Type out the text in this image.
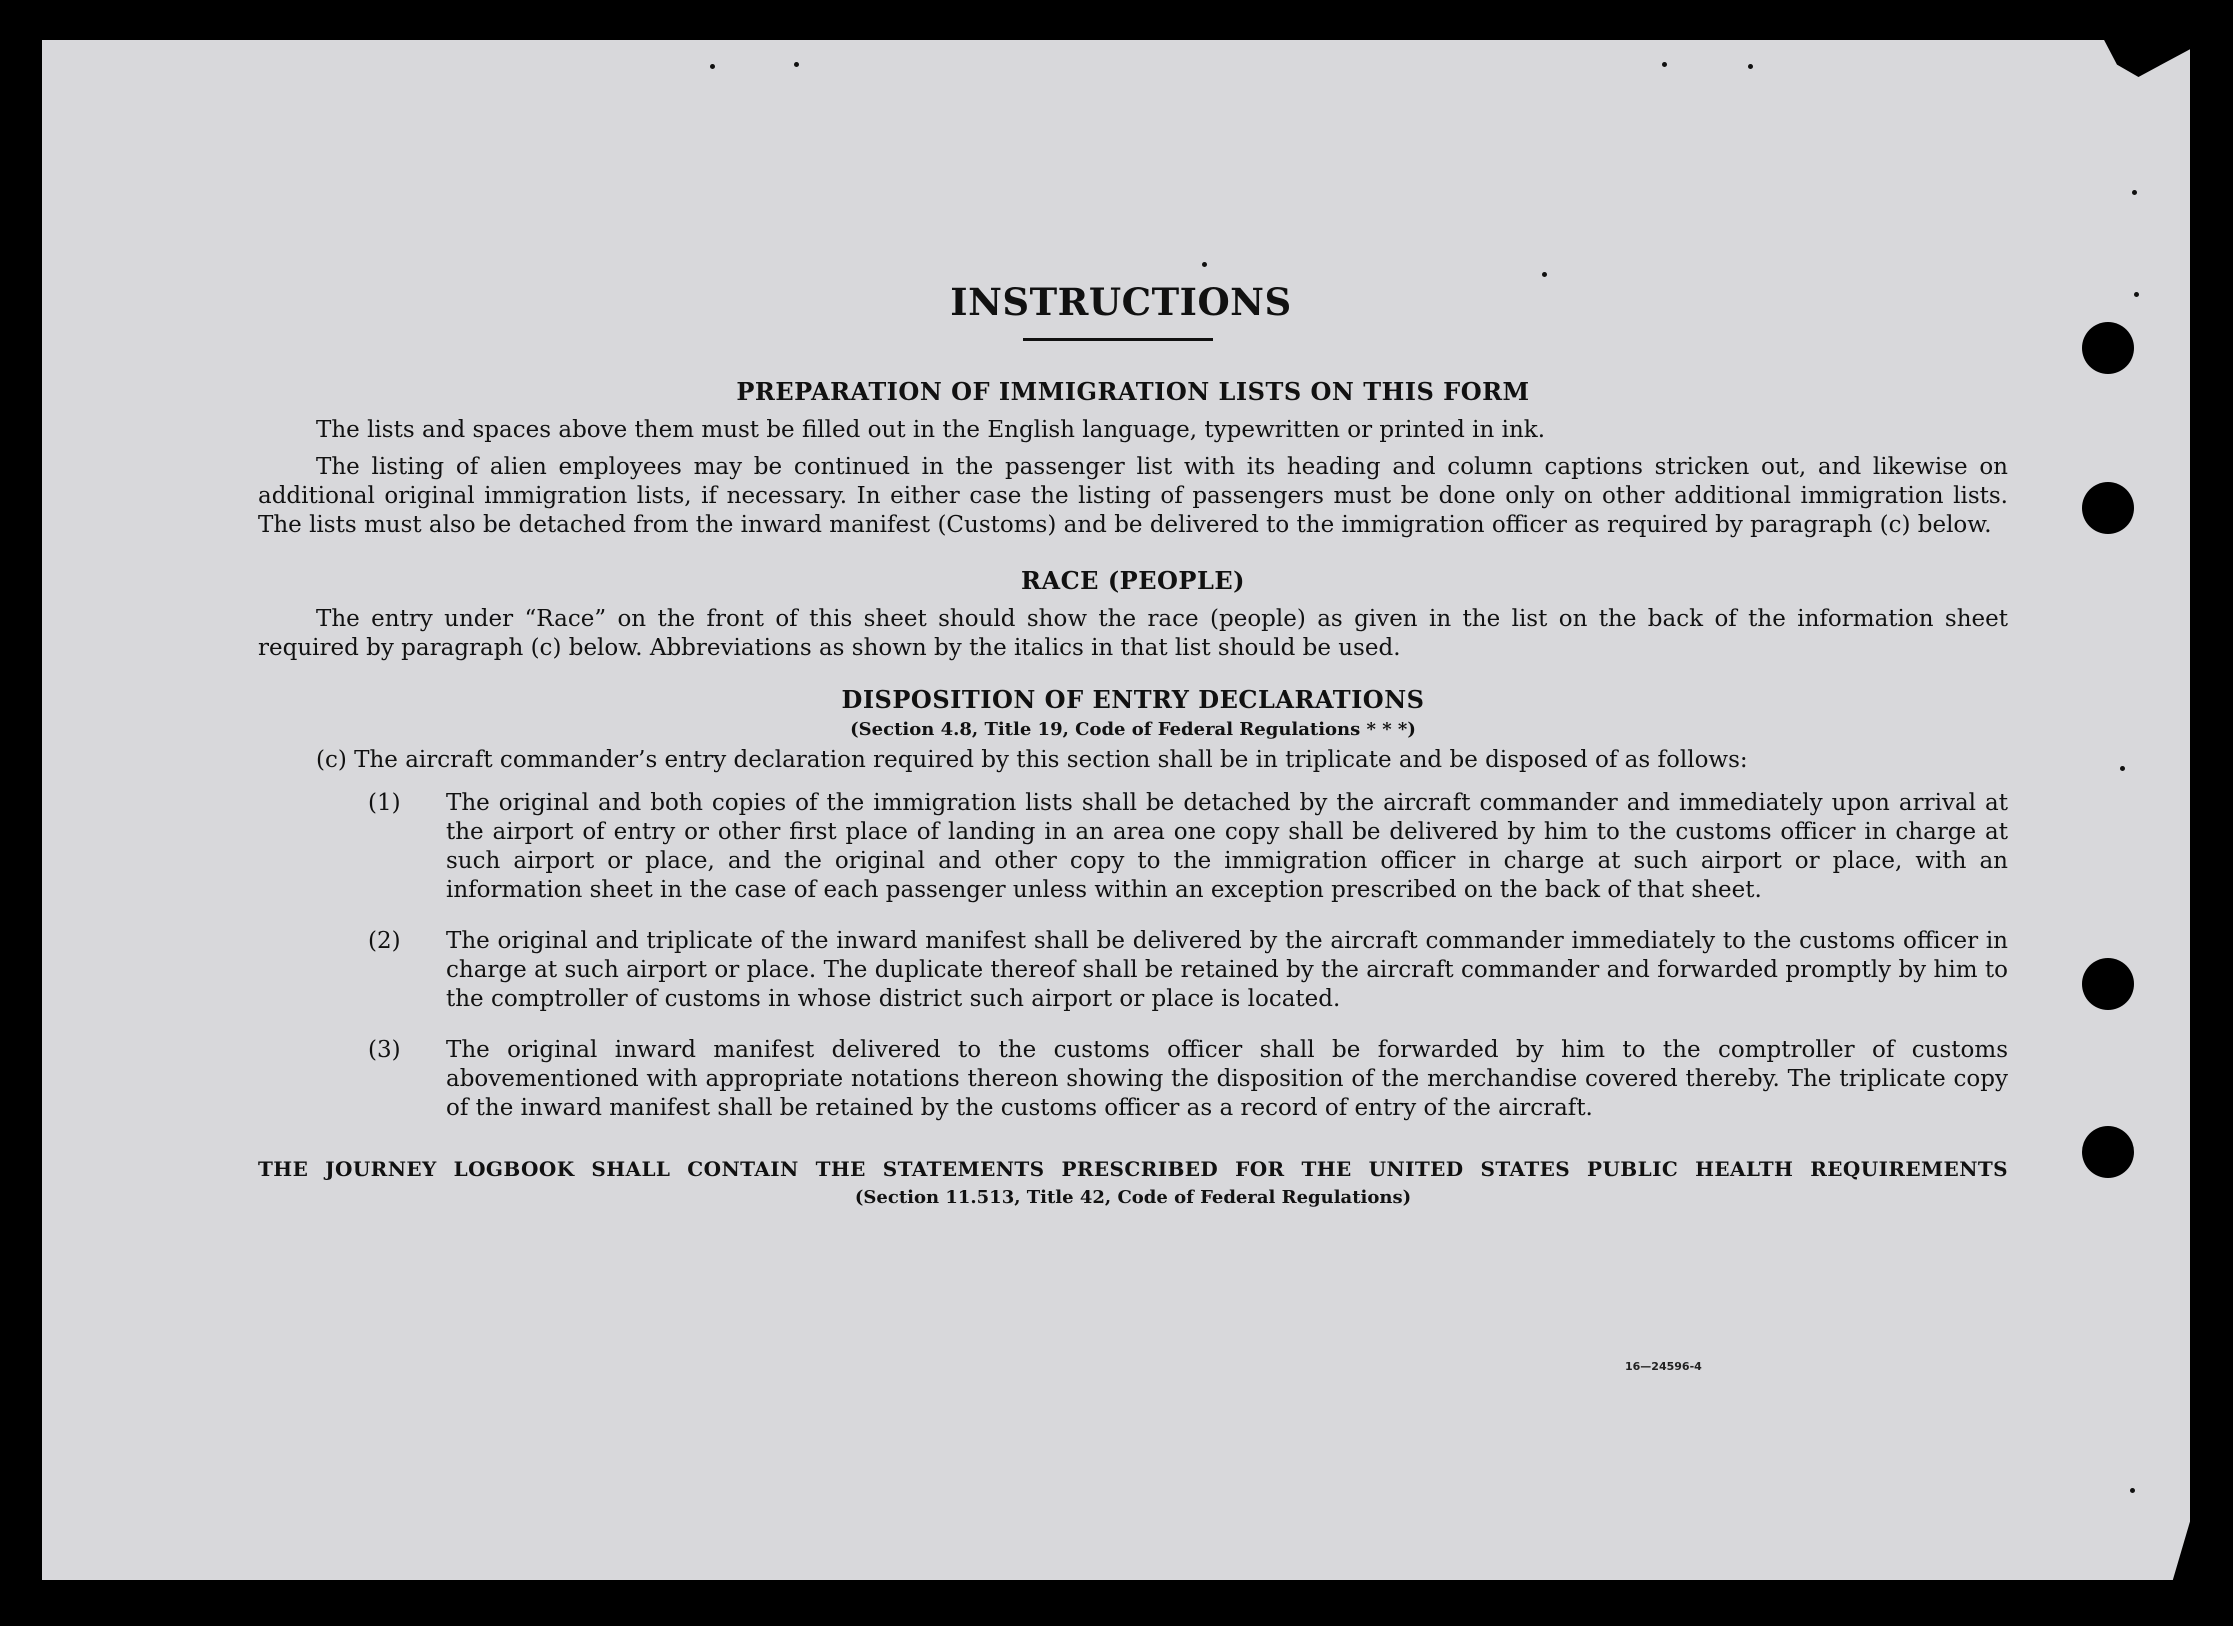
INSTRUCTIONS
PREPARATION OF IMMIGRATION LISTS ON THIS FORM

The lists and spaces above them must be filled out in the English language, typewritten or printed in ink.

The listing of alien employees may be continued in the passenger list with its heading and column captions stricken out, and likewise on additional original immigration lists, if necessary. In either case the listing of passengers must be done only on other additional immigration lists. The lists must also be detached from the inward manifest (Customs) and be delivered to the immigration officer as required by paragraph (c) below.

RACE (PEOPLE)

The entry under “Race” on the front of this sheet should show the race (people) as given in the list on the back of the information sheet required by paragraph (c) below. Abbreviations as shown by the italics in that list should be used.

DISPOSITION OF ENTRY DECLARATIONS
(Section 4.8, Title 19, Code of Federal Regulations * * *)

(c) The aircraft commander’s entry declaration required by this section shall be in triplicate and be disposed of as follows:

(1) The original and both copies of the immigration lists shall be detached by the aircraft commander and immediately upon arrival at the airport of entry or other first place of landing in an area one copy shall be delivered by him to the customs officer in charge at such airport or place, and the original and other copy to the immigration officer in charge at such airport or place, with an information sheet in the case of each passenger unless within an exception prescribed on the back of that sheet.
(2) The original and triplicate of the inward manifest shall be delivered by the aircraft commander immediately to the customs officer in charge at such airport or place. The duplicate thereof shall be retained by the aircraft commander and forwarded promptly by him to the comptroller of customs in whose district such airport or place is located.
(3) The original inward manifest delivered to the customs officer shall be forwarded by him to the comptroller of customs abovementioned with appropriate notations thereon showing the disposition of the merchandise covered thereby. The triplicate copy of the inward manifest shall be retained by the customs officer as a record of entry of the aircraft.
THE JOURNEY LOGBOOK SHALL CONTAIN THE STATEMENTS PRESCRIBED FOR THE UNITED STATES PUBLIC HEALTH REQUIREMENTS
(Section 11.513, Title 42, Code of Federal Regulations)
16—24596-4
